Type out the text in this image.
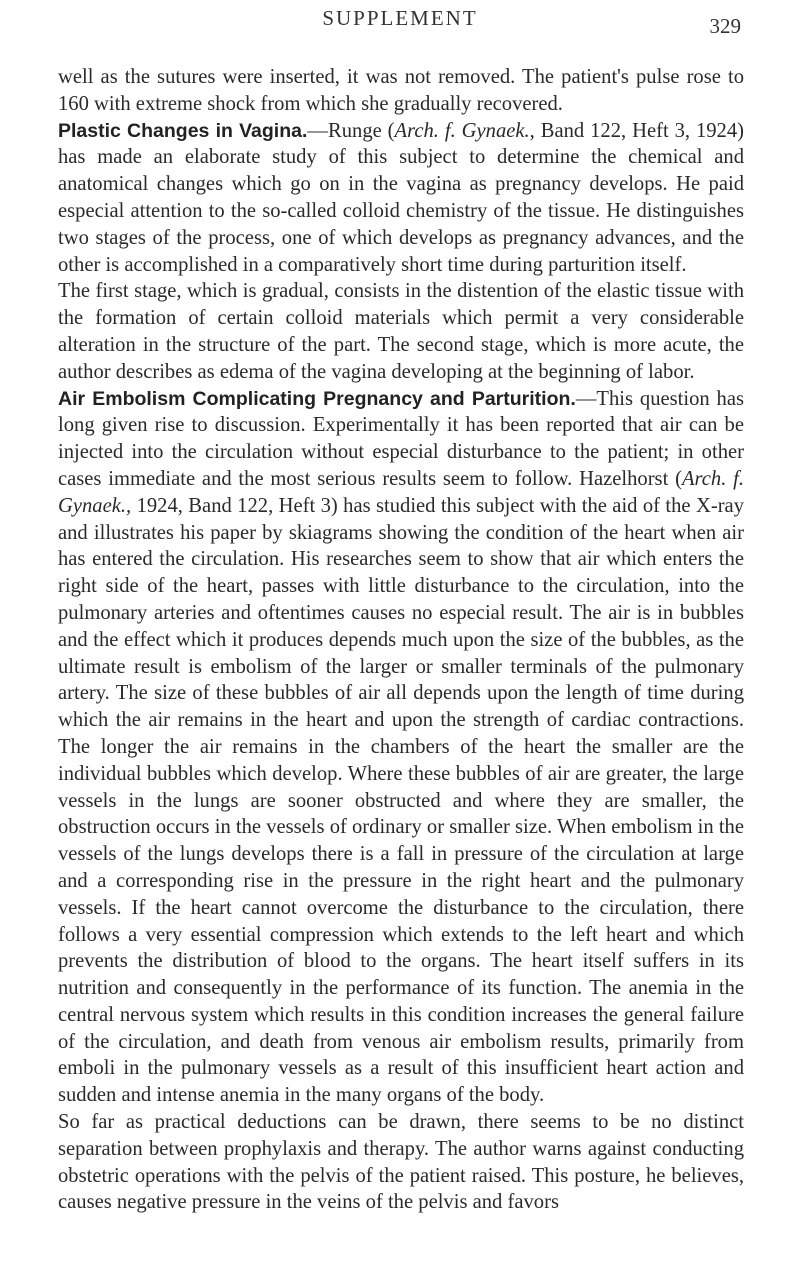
SUPPLEMENT	329

well as the sutures were inserted, it was not removed. The patient's pulse rose to 160 with extreme shock from which she gradually recovered.

Plastic Changes in Vagina.—Runge (Arch. f. Gynaek., Band 122, Heft 3, 1924) has made an elaborate study of this subject to determine the chemical and anatomical changes which go on in the vagina as pregnancy develops. He paid especial attention to the so-called colloid chemistry of the tissue. He distinguishes two stages of the process, one of which develops as pregnancy advances, and the other is accomplished in a comparatively short time during parturition itself.

The first stage, which is gradual, consists in the distention of the elastic tissue with the formation of certain colloid materials which permit a very considerable alteration in the structure of the part. The second stage, which is more acute, the author describes as edema of the vagina developing at the beginning of labor.

Air Embolism Complicating Pregnancy and Parturition.—This question has long given rise to discussion. Experimentally it has been reported that air can be injected into the circulation without especial disturbance to the patient; in other cases immediate and the most serious results seem to follow. Hazelhorst (Arch. f. Gynaek., 1924, Band 122, Heft 3) has studied this subject with the aid of the X-ray and illustrates his paper by skiagrams showing the condition of the heart when air has entered the circulation. His researches seem to show that air which enters the right side of the heart, passes with little disturbance to the circulation, into the pulmonary arteries and oftentimes causes no especial result. The air is in bubbles and the effect which it produces depends much upon the size of the bubbles, as the ultimate result is embolism of the larger or smaller terminals of the pulmonary artery. The size of these bubbles of air all depends upon the length of time during which the air remains in the heart and upon the strength of cardiac contractions. The longer the air remains in the chambers of the heart the smaller are the individual bubbles which develop. Where these bubbles of air are greater, the large vessels in the lungs are sooner obstructed and where they are smaller, the obstruction occurs in the vessels of ordinary or smaller size. When embolism in the vessels of the lungs develops there is a fall in pressure of the circulation at large and a corresponding rise in the pressure in the right heart and the pulmonary vessels. If the heart cannot overcome the disturbance to the circulation, there follows a very essential compression which extends to the left heart and which prevents the distribution of blood to the organs. The heart itself suffers in its nutrition and consequently in the performance of its function. The anemia in the central nervous system which results in this condition increases the general failure of the circulation, and death from venous air embolism results, primarily from emboli in the pulmonary vessels as a result of this insufficient heart action and sudden and intense anemia in the many organs of the body.

So far as practical deductions can be drawn, there seems to be no distinct separation between prophylaxis and therapy. The author warns against conducting obstetric operations with the pelvis of the patient raised. This posture, he believes, causes negative pressure in the veins of the pelvis and favors
